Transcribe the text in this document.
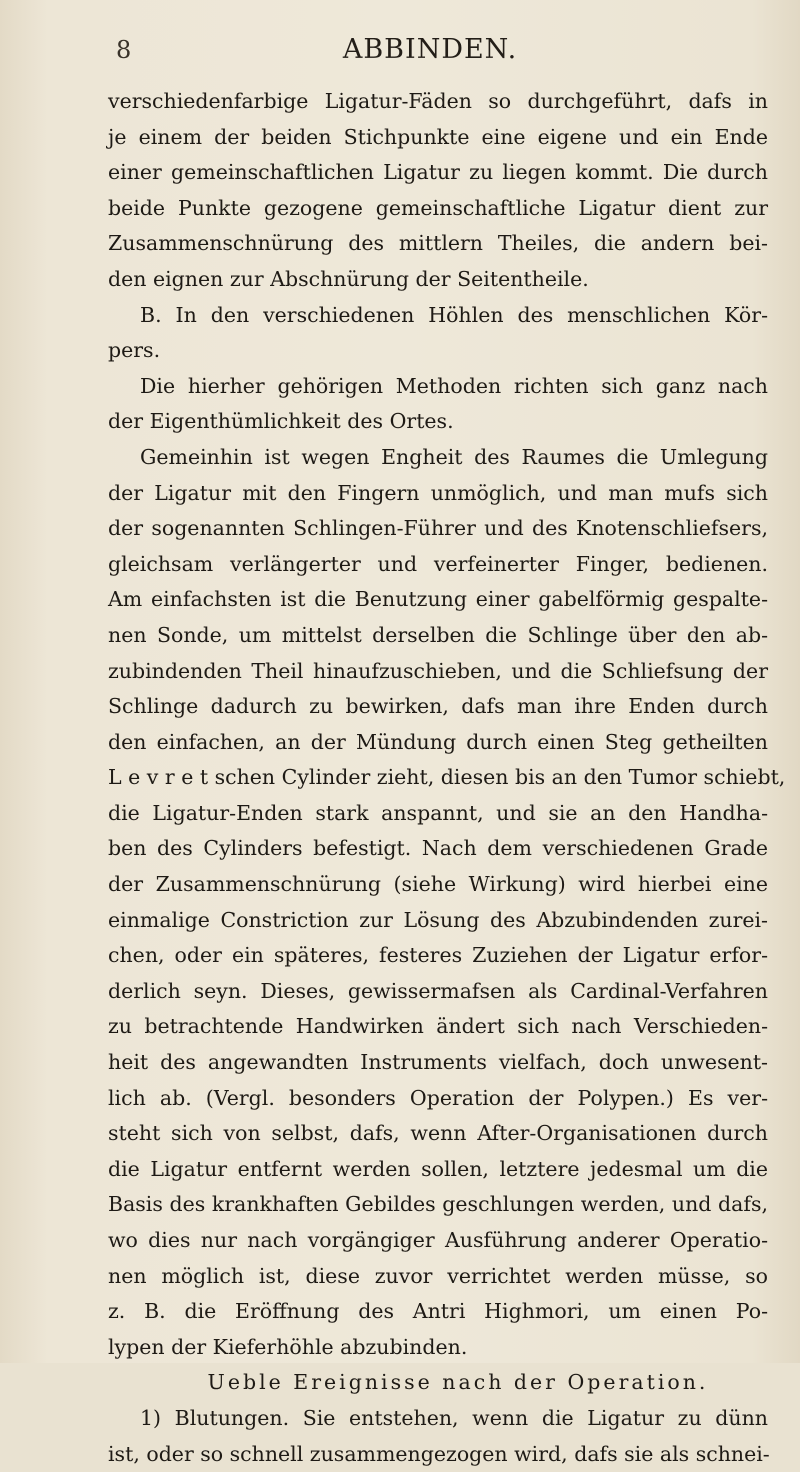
8	ABBINDEN.
verschiedenfarbige Ligatur-Fäden so durchgeführt, dafs in
je einem der beiden Stichpunkte eine eigene und ein Ende
einer gemeinschaftlichen Ligatur zu liegen kommt. Die durch
beide Punkte gezogene gemeinschaftliche Ligatur dient zur
Zusammenschnürung des mittlern Theiles, die andern bei-
den eignen zur Abschnürung der Seitentheile.
B. In den verschiedenen Höhlen des menschlichen Kör-
pers.
Die hierher gehörigen Methoden richten sich ganz nach
der Eigenthümlichkeit des Ortes.
Gemeinhin ist wegen Engheit des Raumes die Umlegung
der Ligatur mit den Fingern unmöglich, und man mufs sich
der sogenannten Schlingen-Führer und des Knotenschliefsers,
gleichsam verlängerter und verfeinerter Finger, bedienen.
Am einfachsten ist die Benutzung einer gabelförmig gespalte-
nen Sonde, um mittelst derselben die Schlinge über den ab-
zubindenden Theil hinaufzuschieben, und die Schliefsung der
Schlinge dadurch zu bewirken, dafs man ihre Enden durch
den einfachen, an der Mündung durch einen Steg getheilten
L e v r e t schen Cylinder zieht, diesen bis an den Tumor schiebt,
die Ligatur-Enden stark anspannt, und sie an den Handha-
ben des Cylinders befestigt. Nach dem verschiedenen Grade
der Zusammenschnürung (siehe Wirkung) wird hierbei eine
einmalige Constriction zur Lösung des Abzubindenden zurei-
chen, oder ein späteres, festeres Zuziehen der Ligatur erfor-
derlich seyn. Dieses, gewissermafsen als Cardinal-Verfahren
zu betrachtende Handwirken ändert sich nach Verschieden-
heit des angewandten Instruments vielfach, doch unwesent-
lich ab. (Vergl. besonders Operation der Polypen.) Es ver-
steht sich von selbst, dafs, wenn After-Organisationen durch
die Ligatur entfernt werden sollen, letztere jedesmal um die
Basis des krankhaften Gebildes geschlungen werden, und dafs,
wo dies nur nach vorgängiger Ausführung anderer Operatio-
nen möglich ist, diese zuvor verrichtet werden müsse, so
z. B. die Eröffnung des Antri Highmori, um einen Po-
lypen der Kieferhöhle abzubinden.
Ueble Ereignisse nach der Operation.
1) Blutungen. Sie entstehen, wenn die Ligatur zu dünn
ist, oder so schnell zusammengezogen wird, dafs sie als schnei-
